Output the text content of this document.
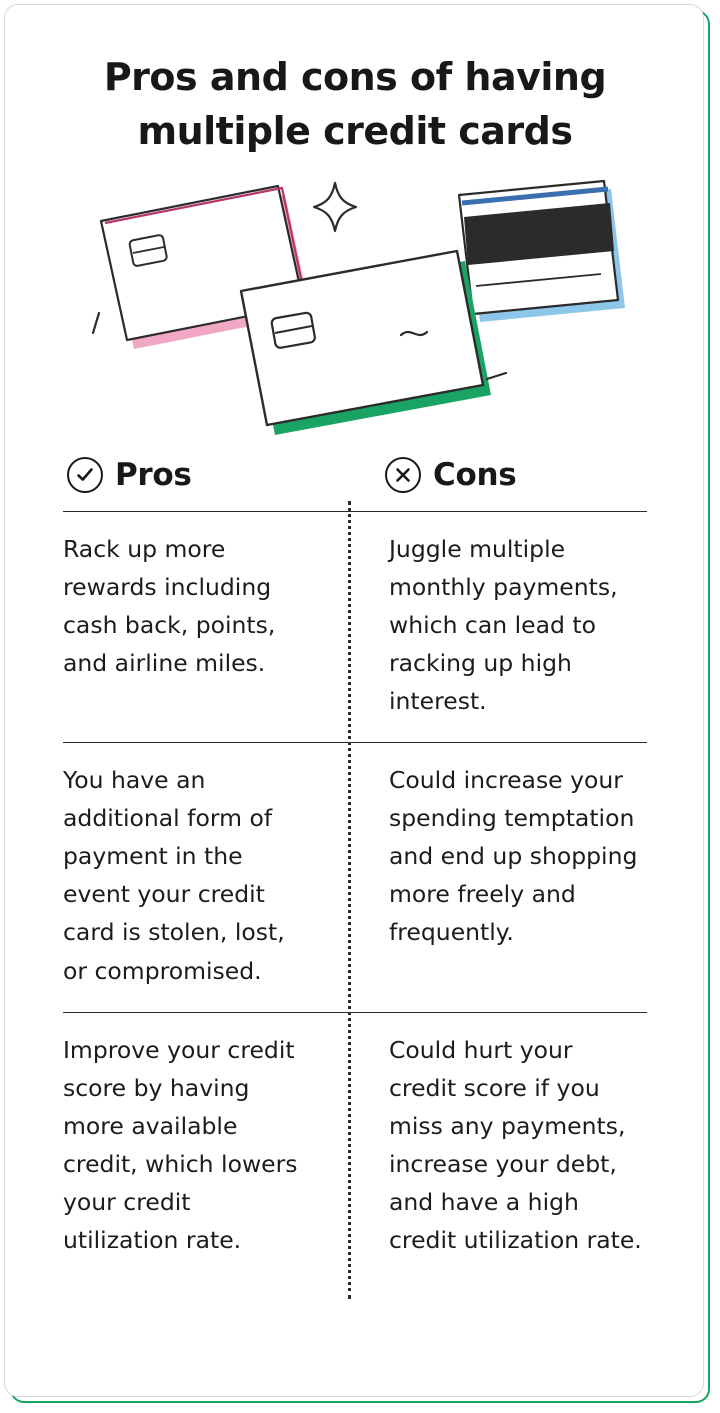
Pros and cons of having multiple credit cards
Pros	Cons
Rack up more rewards including cash back, points, and airline miles.
Juggle multiple monthly payments, which can lead to racking up high interest.
You have an additional form of payment in the event your credit card is stolen, lost, or compromised.
Could increase your spending temptation and end up shopping more freely and frequently.
Improve your credit score by having more available credit, which lowers your credit utilization rate.
Could hurt your credit score if you miss any payments, increase your debt, and have a high credit utilization rate.
